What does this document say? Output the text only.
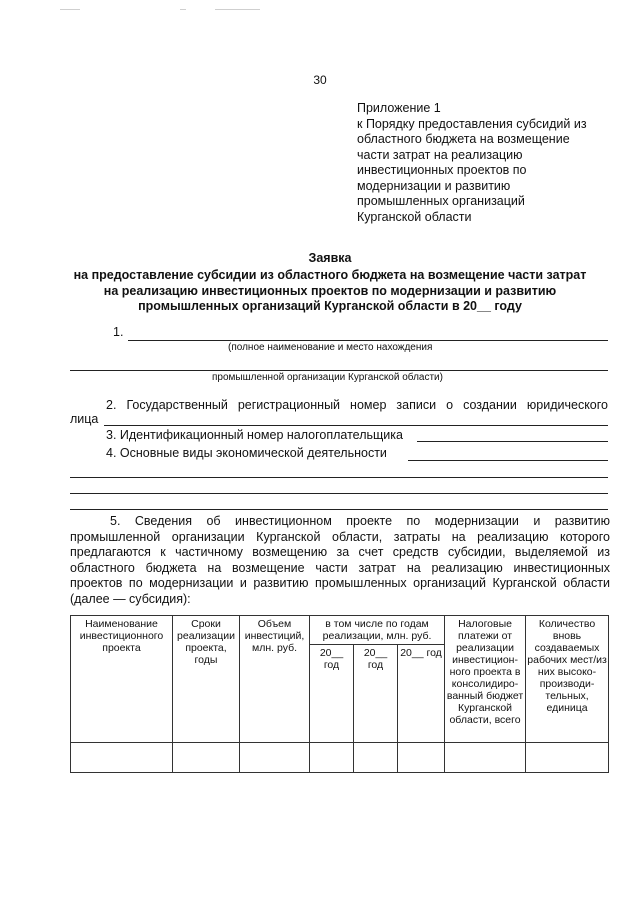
30
Приложение 1
к Порядку предоставления субсидий из
областного бюджета на возмещение
части затрат на реализацию
инвестиционных проектов по
модернизации и развитию
промышленных организаций
Курганской области
Заявка
на предоставление субсидии из областного бюджета на возмещение части затрат
на реализацию инвестиционных проектов по модернизации и развитию
промышленных организаций Курганской области в 20__ году
1.
(полное наименование и место нахождения
промышленной организации Курганской области)
2. Государственный регистрационный номер записи о создании юридического
лица
3. Идентификационный номер налогоплательщика
4. Основные виды экономической деятельности
5. Сведения об инвестиционном проекте по модернизации и развитию
промышленной организации Курганской области, затраты на реализацию которого
предлагаются к частичному возмещению за счет средств субсидии, выделяемой из
областного бюджета на возмещение части затрат на реализацию инвестиционных
проектов по модернизации и развитию промышленных организаций Курганской области
(далее — субсидия):
Наименование инвестиционного проекта	Сроки реализации проекта, годы	Объем инвестиций, млн. руб.	в том числе по годам реализации, млн. руб.			Налоговые платежи от реализации инвестицион-ного проекта в консолидиро-ванный бюджет Курганской области, всего	Количество вновь создаваемых рабочих мест/из них высоко-производи-тельных, единица
			20__ год	20__ год	20__ год		
